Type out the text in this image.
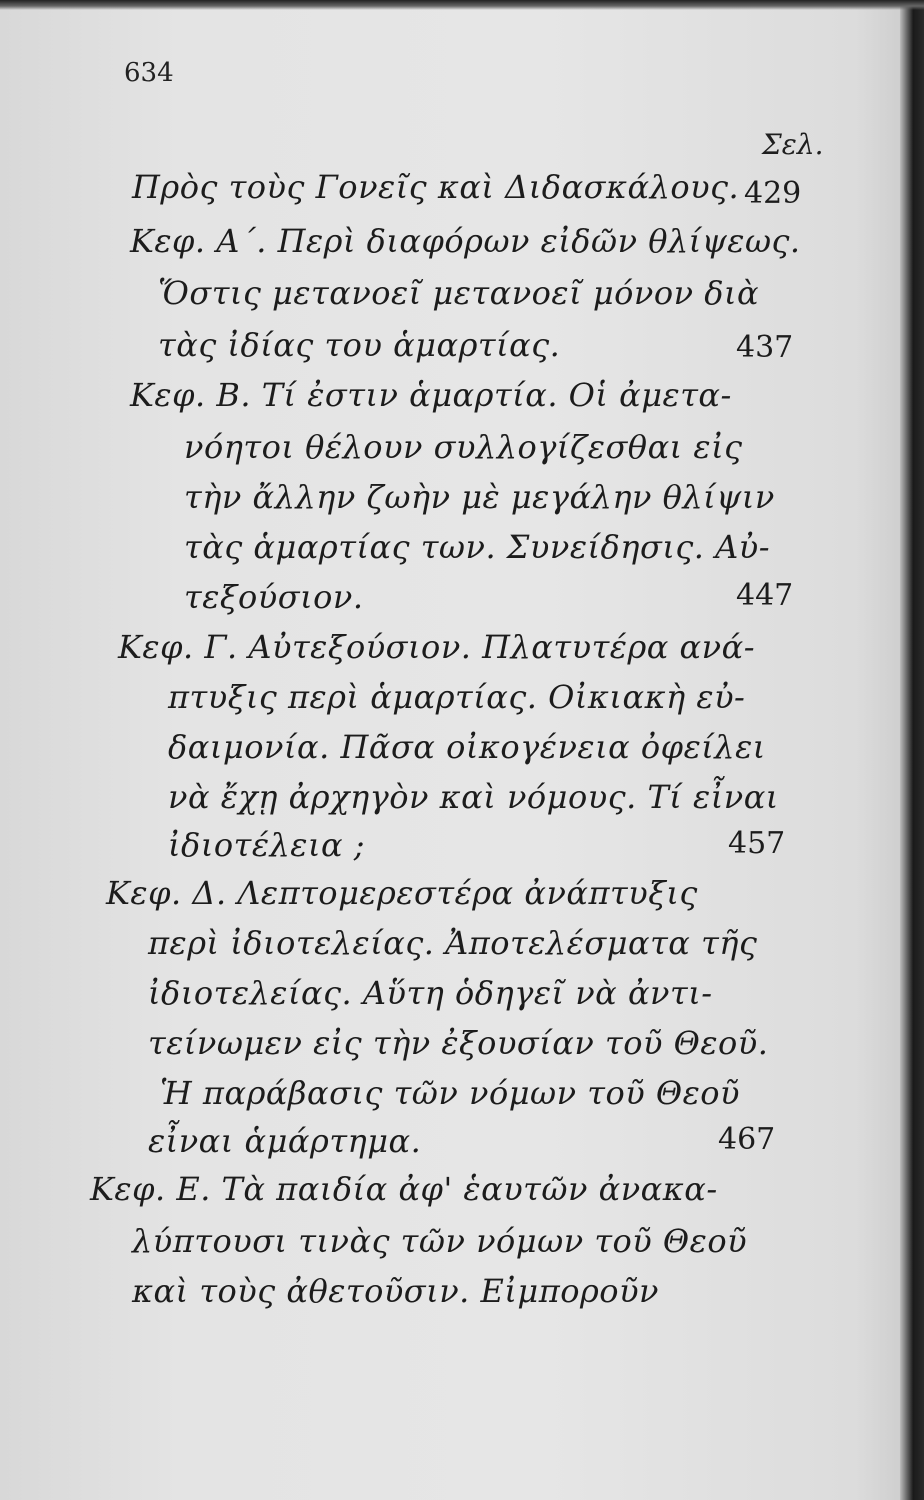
634
Σελ.
Πρὸς τοὺς Γονεῖς καὶ Διδασκάλους. 429
Κεφ. Α΄. Περὶ διαφόρων εἰδῶν θλίψεως.
Ὅστις μετανοεῖ μετανοεῖ μόνον διὰ
τὰς ἰδίας του ἁμαρτίας.	437
Κεφ. Β. Τί ἐστιν ἁμαρτία. Οἱ ἀμετα-
νόητοι θέλουν συλλογίζεσθαι εἰς
τὴν ἄλλην ζωὴν μὲ μεγάλην θλίψιν
τὰς ἁμαρτίας των. Συνείδησις. Αὐ-
τεξούσιον.	447
Κεφ. Γ. Αὐτεξούσιον. Πλατυτέρα ανά-
πτυξις περὶ ἁμαρτίας. Οἰκιακὴ εὐ-
δαιμονία. Πᾶσα οἰκογένεια ὀφείλει
νὰ ἔχῃ ἀρχηγὸν καὶ νόμους. Τί εἶναι
ἰδιοτέλεια ;	457
Κεφ. Δ. Λεπτομερεστέρα ἀνάπτυξις
περὶ ἰδιοτελείας. Ἀποτελέσματα τῆς
ἰδιοτελείας. Αὕτη ὁδηγεῖ νὰ ἀντι-
τείνωμεν εἰς τὴν ἐξουσίαν τοῦ Θεοῦ.
Ἡ παράβασις τῶν νόμων τοῦ Θεοῦ
εἶναι ἁμάρτημα.	467
Κεφ. Ε. Τὰ παιδία ἀφ' ἑαυτῶν ἀνακα-
λύπτουσι τινὰς τῶν νόμων τοῦ Θεοῦ
καὶ τοὺς ἀθετοῦσιν. Εἰμποροῦν
